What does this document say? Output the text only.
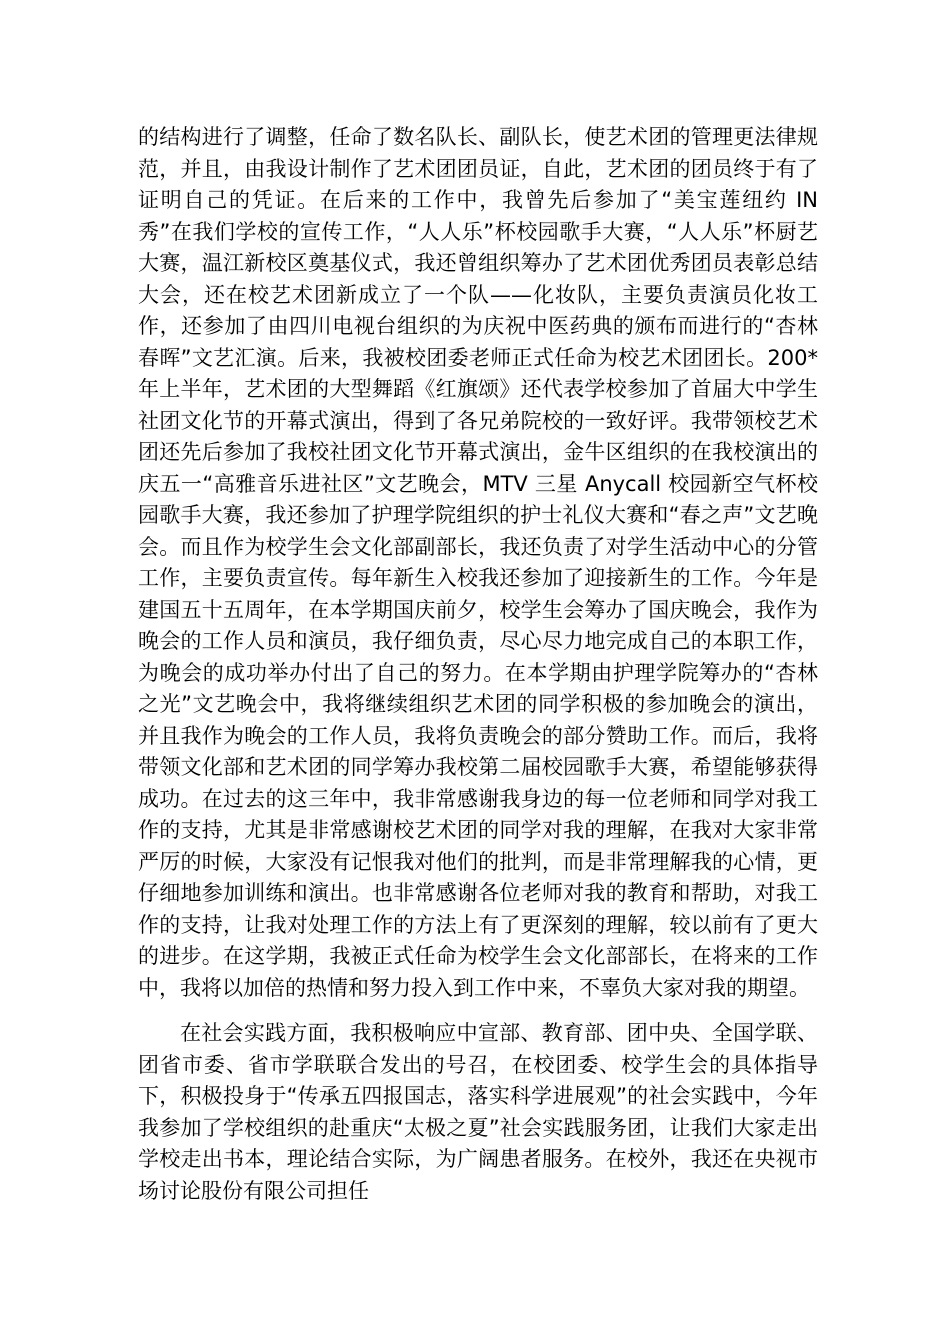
的结构进行了调整，任命了数名队长、副队长，使艺术团的管理更法律规范，并且，由我设计制作了艺术团团员证，自此，艺术团的团员终于有了证明自己的凭证。在后来的工作中，我曾先后参加了“美宝莲纽约 IN 秀”在我们学校的宣传工作，“人人乐”杯校园歌手大赛，“人人乐”杯厨艺大赛，温江新校区奠基仪式，我还曾组织筹办了艺术团优秀团员表彰总结大会，还在校艺术团新成立了一个队——化妆队，主要负责演员化妆工作，还参加了由四川电视台组织的为庆祝中医药典的颁布而进行的“杏林春晖”文艺汇演。后来，我被校团委老师正式任命为校艺术团团长。200*年上半年，艺术团的大型舞蹈《红旗颂》还代表学校参加了首届大中学生社团文化节的开幕式演出，得到了各兄弟院校的一致好评。我带领校艺术团还先后参加了我校社团文化节开幕式演出，金牛区组织的在我校演出的庆五一“高雅音乐进社区”文艺晚会，MTV 三星 Anycall 校园新空气杯校园歌手大赛，我还参加了护理学院组织的护士礼仪大赛和“春之声”文艺晚会。而且作为校学生会文化部副部长，我还负责了对学生活动中心的分管工作，主要负责宣传。每年新生入校我还参加了迎接新生的工作。今年是建国五十五周年，在本学期国庆前夕，校学生会筹办了国庆晚会，我作为晚会的工作人员和演员，我仔细负责，尽心尽力地完成自己的本职工作，为晚会的成功举办付出了自己的努力。在本学期由护理学院筹办的“杏林之光”文艺晚会中，我将继续组织艺术团的同学积极的参加晚会的演出，并且我作为晚会的工作人员，我将负责晚会的部分赞助工作。而后，我将带领文化部和艺术团的同学筹办我校第二届校园歌手大赛，希望能够获得成功。在过去的这三年中，我非常感谢我身边的每一位老师和同学对我工作的支持，尤其是非常感谢校艺术团的同学对我的理解，在我对大家非常严厉的时候，大家没有记恨我对他们的批判，而是非常理解我的心情，更仔细地参加训练和演出。也非常感谢各位老师对我的教育和帮助，对我工作的支持，让我对处理工作的方法上有了更深刻的理解，较以前有了更大的进步。在这学期，我被正式任命为校学生会文化部部长，在将来的工作中，我将以加倍的热情和努力投入到工作中来，不辜负大家对我的期望。

在社会实践方面，我积极响应中宣部、教育部、团中央、全国学联、团省市委、省市学联联合发出的号召，在校团委、校学生会的具体指导下，积极投身于“传承五四报国志，落实科学进展观”的社会实践中，今年我参加了学校组织的赴重庆“太极之夏”社会实践服务团，让我们大家走出学校走出书本，理论结合实际，为广阔患者服务。在校外，我还在央视市场讨论股份有限公司担任
